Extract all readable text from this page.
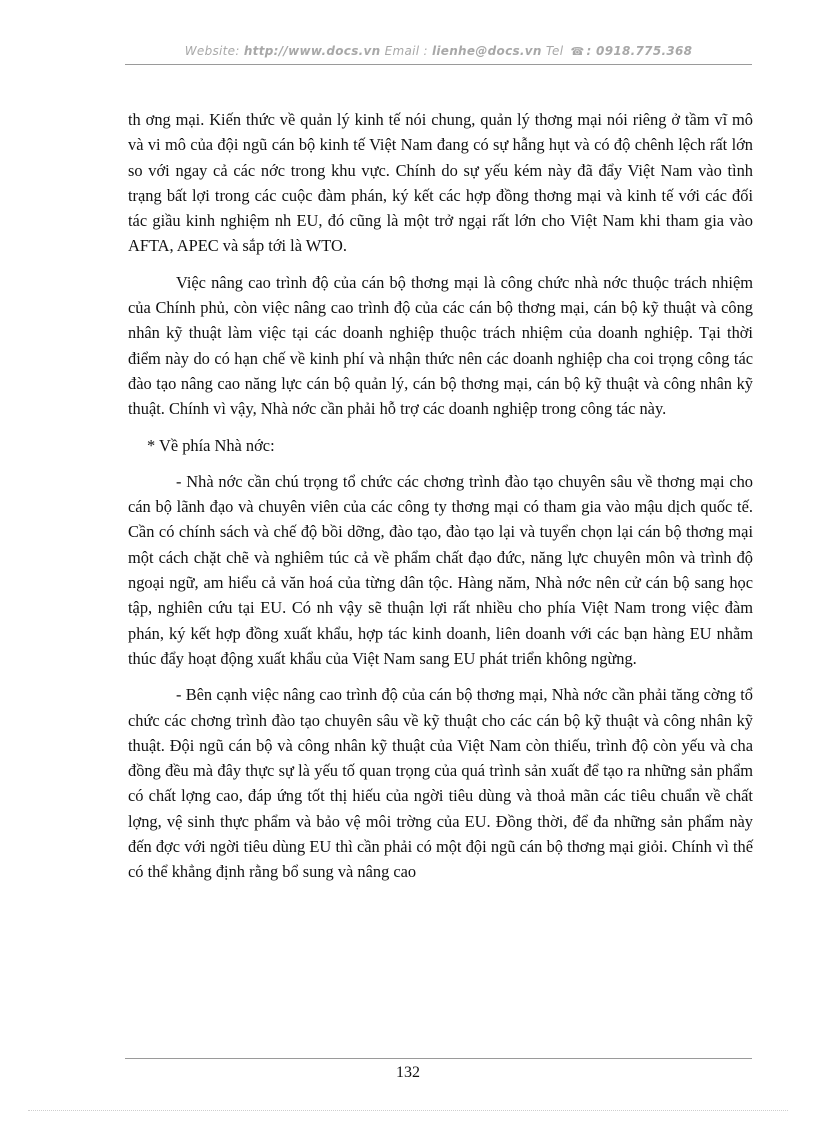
Website: http://www.docs.vn Email : lienhe@docs.vn Tel ☎ : 0918.775.368

th ơng mại. Kiến thức về quản lý kinh tế nói chung, quản lý thơng mại nói riêng ở tầm vĩ mô và vi mô của đội ngũ cán bộ kinh tế Việt Nam đang có sự hẫng hụt và có độ chênh lệch rất lớn so với ngay cả các nớc trong khu vực. Chính do sự yếu kém này đã đẩy Việt Nam vào tình trạng bất lợi trong các cuộc đàm phán, ký kết các hợp đồng thơng mại và kinh tế với các đối tác giầu kinh nghiệm nh EU, đó cũng là một trở ngại rất lớn cho Việt Nam khi tham gia vào AFTA, APEC và sắp tới là WTO.

Việc nâng cao trình độ của cán bộ thơng mại là công chức nhà nớc thuộc trách nhiệm của Chính phủ, còn việc nâng cao trình độ của các cán bộ thơng mại, cán bộ kỹ thuật và công nhân kỹ thuật làm việc tại các doanh nghiệp thuộc trách nhiệm của doanh nghiệp. Tại thời điểm này do có hạn chế về kinh phí và nhận thức nên các doanh nghiệp cha coi trọng công tác đào tạo nâng cao năng lực cán bộ quản lý, cán bộ thơng mại, cán bộ kỹ thuật và công nhân kỹ thuật. Chính vì vậy, Nhà nớc cần phải hỗ trợ các doanh nghiệp trong công tác này.

* Về phía Nhà nớc:

- Nhà nớc cần chú trọng tổ chức các chơng trình đào tạo chuyên sâu về thơng mại cho cán bộ lãnh đạo và chuyên viên của các công ty thơng mại có tham gia vào mậu dịch quốc tế. Cần có chính sách và chế độ bồi dỡng, đào tạo, đào tạo lại và tuyển chọn lại cán bộ thơng mại một cách chặt chẽ và nghiêm túc cả về phẩm chất đạo đức, năng lực chuyên môn và trình độ ngoại ngữ, am hiểu cả văn hoá của từng dân tộc. Hàng năm, Nhà nớc nên cử cán bộ sang học tập, nghiên cứu tại EU. Có nh vậy sẽ thuận lợi rất nhiều cho phía Việt Nam trong việc đàm phán, ký kết hợp đồng xuất khẩu, hợp tác kinh doanh, liên doanh với các bạn hàng EU nhằm thúc đẩy hoạt động xuất khẩu của Việt Nam sang EU phát triển không ngừng.

- Bên cạnh việc nâng cao trình độ của cán bộ thơng mại, Nhà nớc cần phải tăng cờng tổ chức các chơng trình đào tạo chuyên sâu về kỹ thuật cho các cán bộ kỹ thuật và công nhân kỹ thuật. Đội ngũ cán bộ và công nhân kỹ thuật của Việt Nam còn thiếu, trình độ còn yếu và cha đồng đều mà đây thực sự là yếu tố quan trọng của quá trình sản xuất để tạo ra những sản phẩm có chất lợng cao, đáp ứng tốt thị hiếu của ngời tiêu dùng và thoả mãn các tiêu chuẩn về chất lợng, vệ sinh thực phẩm và bảo vệ môi trờng của EU. Đồng thời, để đa những sản phẩm này đến đợc với ngời tiêu dùng EU thì cần phải có một đội ngũ cán bộ thơng mại giỏi. Chính vì thế có thể khẳng định rằng bổ sung và nâng cao

132
